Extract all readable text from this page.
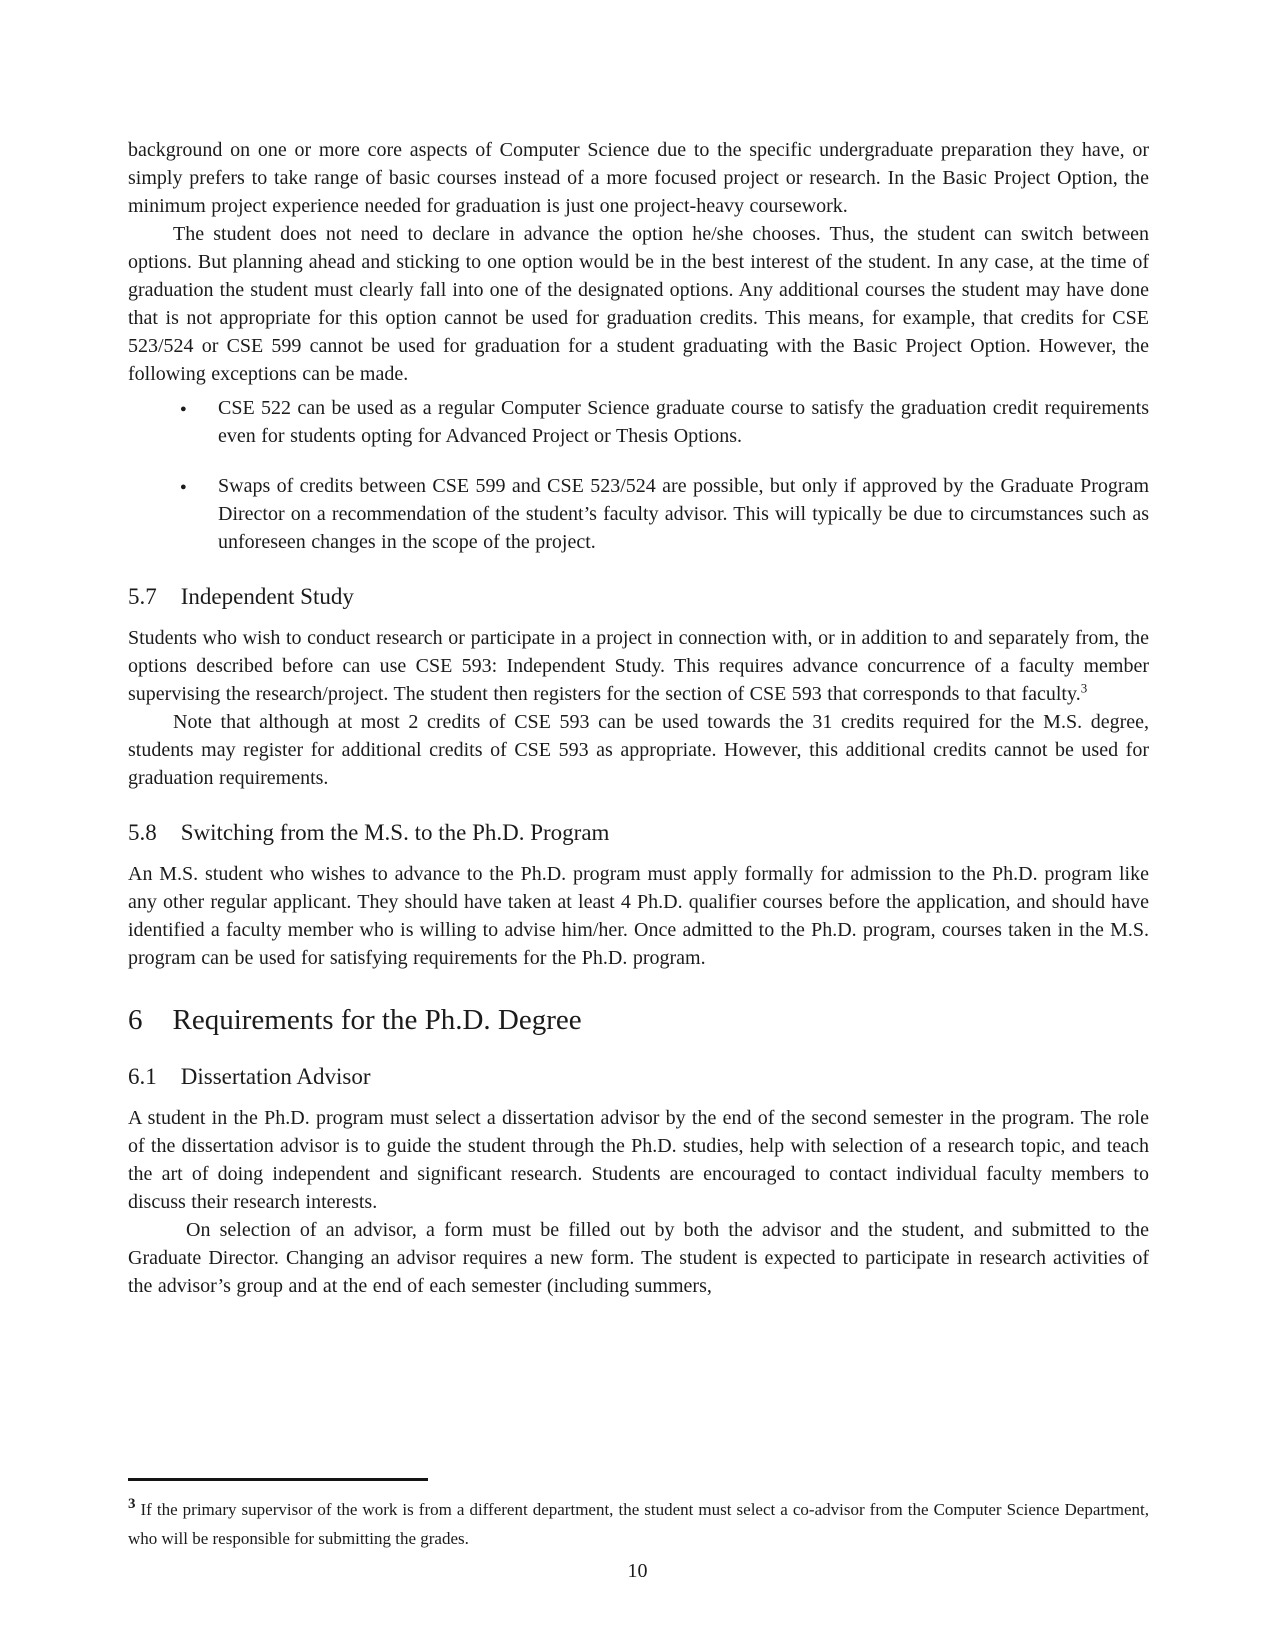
background on one or more core aspects of Computer Science due to the specific undergraduate preparation they have, or simply prefers to take range of basic courses instead of a more focused project or research. In the Basic Project Option, the minimum project experience needed for graduation is just one project-heavy coursework.

The student does not need to declare in advance the option he/she chooses. Thus, the student can switch between options. But planning ahead and sticking to one option would be in the best interest of the student. In any case, at the time of graduation the student must clearly fall into one of the designated options. Any additional courses the student may have done that is not appropriate for this option cannot be used for graduation credits. This means, for example, that credits for CSE 523/524 or CSE 599 cannot be used for graduation for a student graduating with the Basic Project Option. However, the following exceptions can be made.

● CSE 522 can be used as a regular Computer Science graduate course to satisfy the graduation credit requirements even for students opting for Advanced Project or Thesis Options.
● Swaps of credits between CSE 599 and CSE 523/524 are possible, but only if approved by the Graduate Program Director on a recommendation of the student’s faculty advisor. This will typically be due to circumstances such as unforeseen changes in the scope of the project.
5.7 Independent Study

Students who wish to conduct research or participate in a project in connection with, or in addition to and separately from, the options described before can use CSE 593: Independent Study. This requires advance concurrence of a faculty member supervising the research/project. The student then registers for the section of CSE 593 that corresponds to that faculty.$^3$

Note that although at most 2 credits of CSE 593 can be used towards the 31 credits required for the M.S. degree, students may register for additional credits of CSE 593 as appropriate. However, this additional credits cannot be used for graduation requirements.

5.8 Switching from the M.S. to the Ph.D. Program

An M.S. student who wishes to advance to the Ph.D. program must apply formally for admission to the Ph.D. program like any other regular applicant. They should have taken at least 4 Ph.D. qualifier courses before the application, and should have identified a faculty member who is willing to advise him/her. Once admitted to the Ph.D. program, courses taken in the M.S. program can be used for satisfying requirements for the Ph.D. program.

6 Requirements for the Ph.D. Degree
6.1 Dissertation Advisor

A student in the Ph.D. program must select a dissertation advisor by the end of the second semester in the program. The role of the dissertation advisor is to guide the student through the Ph.D. studies, help with selection of a research topic, and teach the art of doing independent and significant research. Students are encouraged to contact individual faculty members to discuss their research interests.

On selection of an advisor, a form must be filled out by both the advisor and the student, and submitted to the Graduate Director. Changing an advisor requires a new form. The student is expected to participate in research activities of the advisor’s group and at the end of each semester (including summers,

$^3$ If the primary supervisor of the work is from a different department, the student must select a co-advisor from the Computer Science Department, who will be responsible for submitting the grades.

10
